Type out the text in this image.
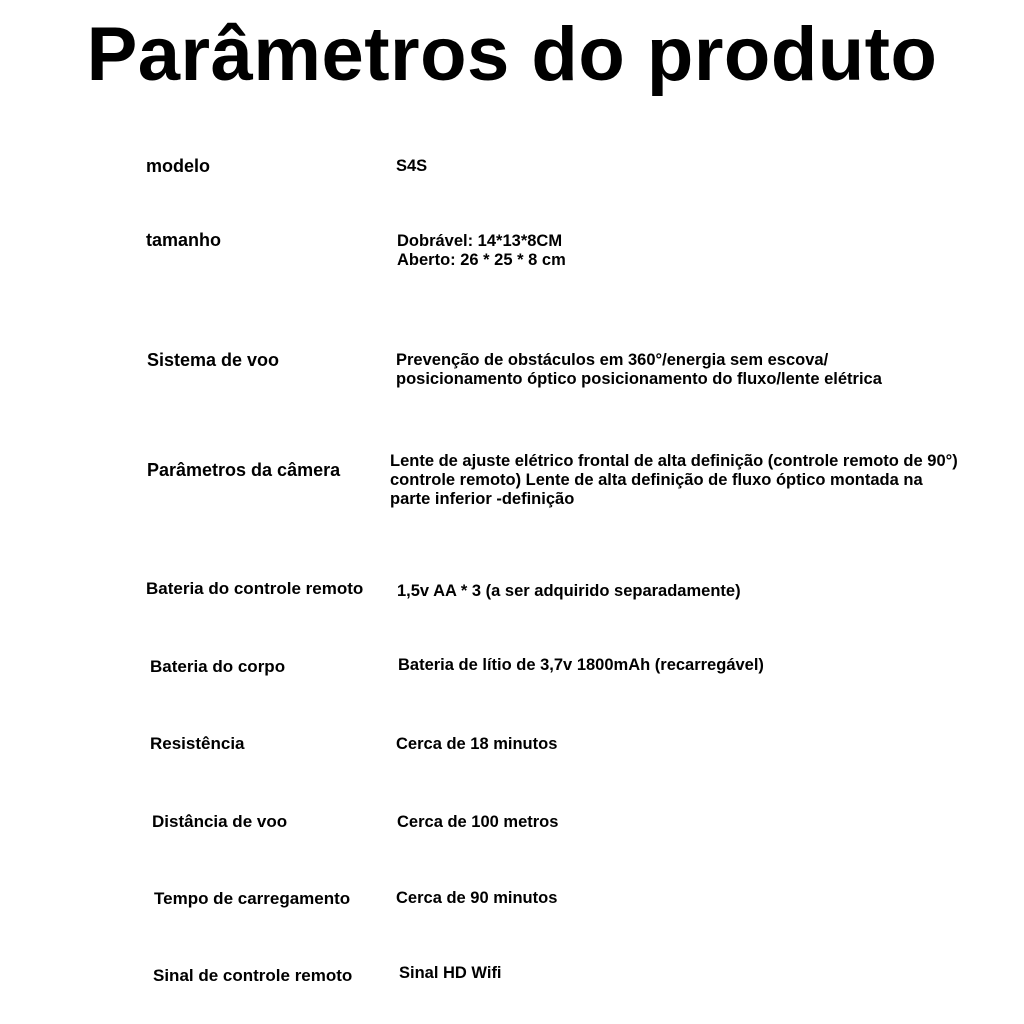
Parâmetros do produto
modelo	S4S
tamanho	Dobrável: 14*13*8CM
Aberto: 26 * 25 * 8 cm
Sistema de voo	Prevenção de obstáculos em 360°/energia sem escova/
posicionamento óptico posicionamento do fluxo/lente elétrica
Parâmetros da câmera	Lente de ajuste elétrico frontal de alta definição (controle remoto de 90°)
controle remoto) Lente de alta definição de fluxo óptico montada na
parte inferior -definição
Bateria do controle remoto 1,5v AA * 3 (a ser adquirido separadamente)
Bateria do corpo	Bateria de lítio de 3,7v 1800mAh (recarregável)
Resistência	Cerca de 18 minutos
Distância de voo	Cerca de 100 metros
Tempo de carregamento	Cerca de 90 minutos
Sinal de controle remoto	Sinal HD Wifi
